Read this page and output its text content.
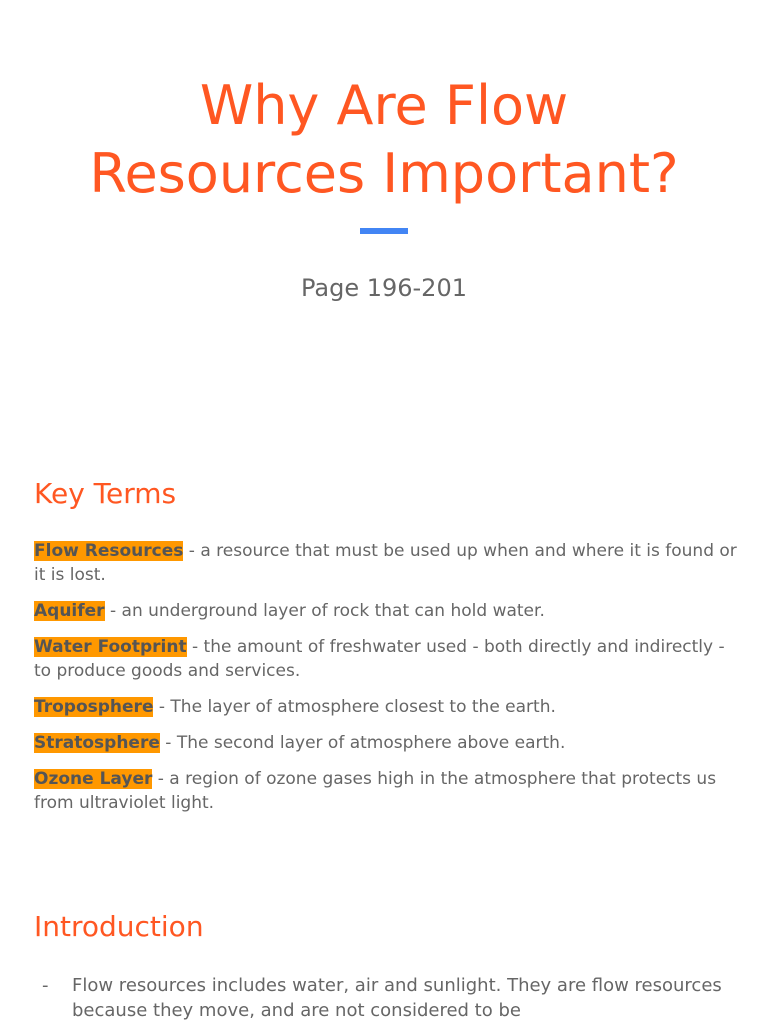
Why Are Flow
Resources Important?

Page 196-201

Key Terms
Flow Resources - a resource that must be used up when and where it is found or it is lost.
Aquifer - an underground layer of rock that can hold water.
Water Footprint - the amount of freshwater used - both directly and indirectly - to produce goods and services.
Troposphere - The layer of atmosphere closest to the earth.
Stratosphere - The second layer of atmosphere above earth.
Ozone Layer - a region of ozone gases high in the atmosphere that protects us from ultraviolet light.
Introduction
- Flow resources includes water, air and sunlight. They are flow resources because they move, and are not considered to be
